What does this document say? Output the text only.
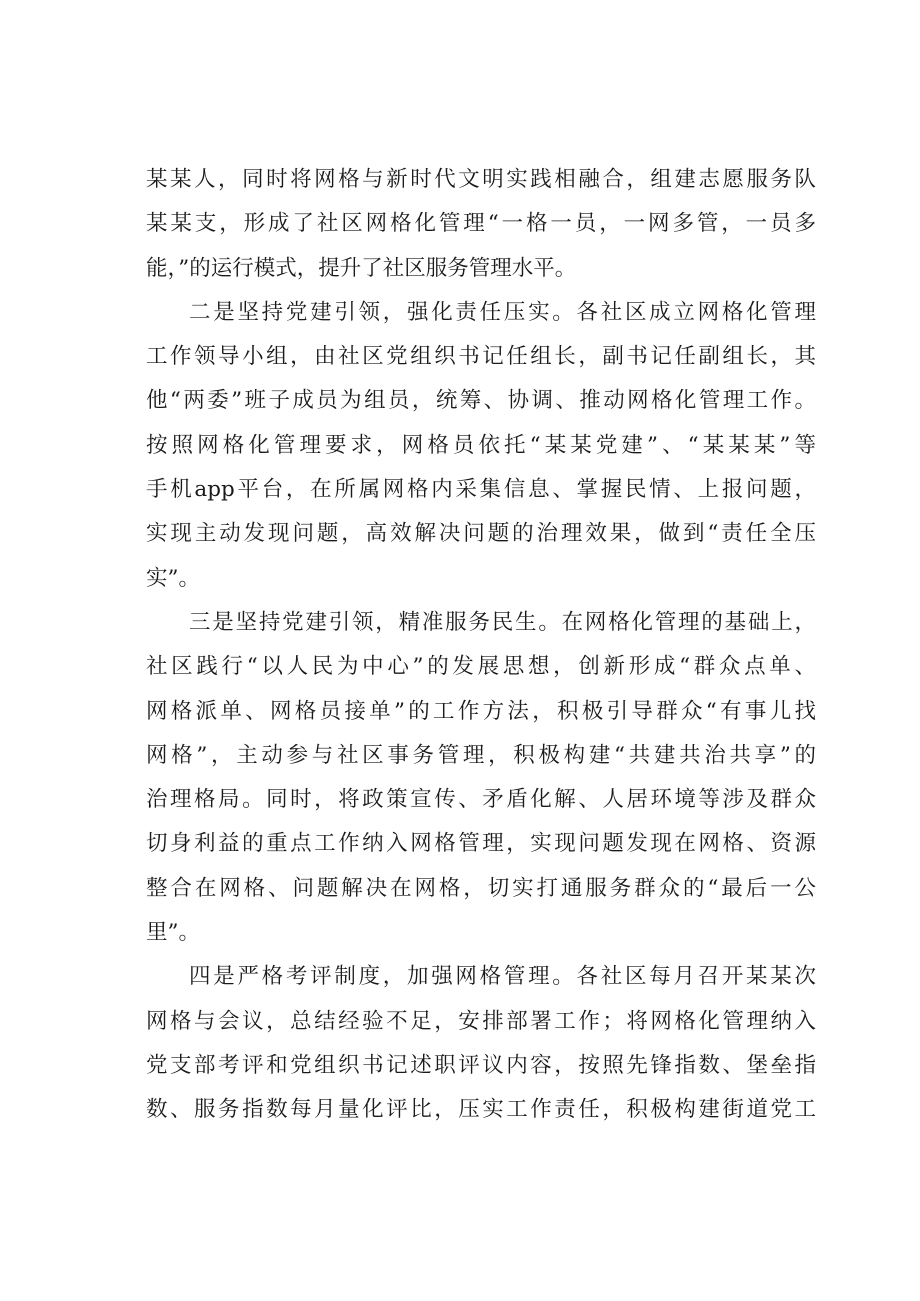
某某人，同时将网格与新时代文明实践相融合，组建志愿服务队
某某支，形成了社区网格化管理“一格一员，一网多管，一员多
能，”的运行模式，提升了社区服务管理水平。
二是坚持党建引领，强化责任压实。各社区成立网格化管理
工作领导小组，由社区党组织书记任组长，副书记任副组长，其
他“两委”班子成员为组员，统筹、协调、推动网格化管理工作。
按照网格化管理要求，网格员依托“某某党建”、“某某某”等
手机app平台，在所属网格内采集信息、掌握民情、上报问题，
实现主动发现问题，高效解决问题的治理效果，做到“责任全压
实”。
三是坚持党建引领，精准服务民生。在网格化管理的基础上，
社区践行“以人民为中心”的发展思想，创新形成“群众点单、
网格派单、网格员接单”的工作方法，积极引导群众“有事儿找
网格”，主动参与社区事务管理，积极构建“共建共治共享”的
治理格局。同时，将政策宣传、矛盾化解、人居环境等涉及群众
切身利益的重点工作纳入网格管理，实现问题发现在网格、资源
整合在网格、问题解决在网格，切实打通服务群众的“最后一公
里”。
四是严格考评制度，加强网格管理。各社区每月召开某某次
网格与会议，总结经验不足，安排部署工作；将网格化管理纳入
党支部考评和党组织书记述职评议内容，按照先锋指数、堡垒指
数、服务指数每月量化评比，压实工作责任，积极构建街道党工
